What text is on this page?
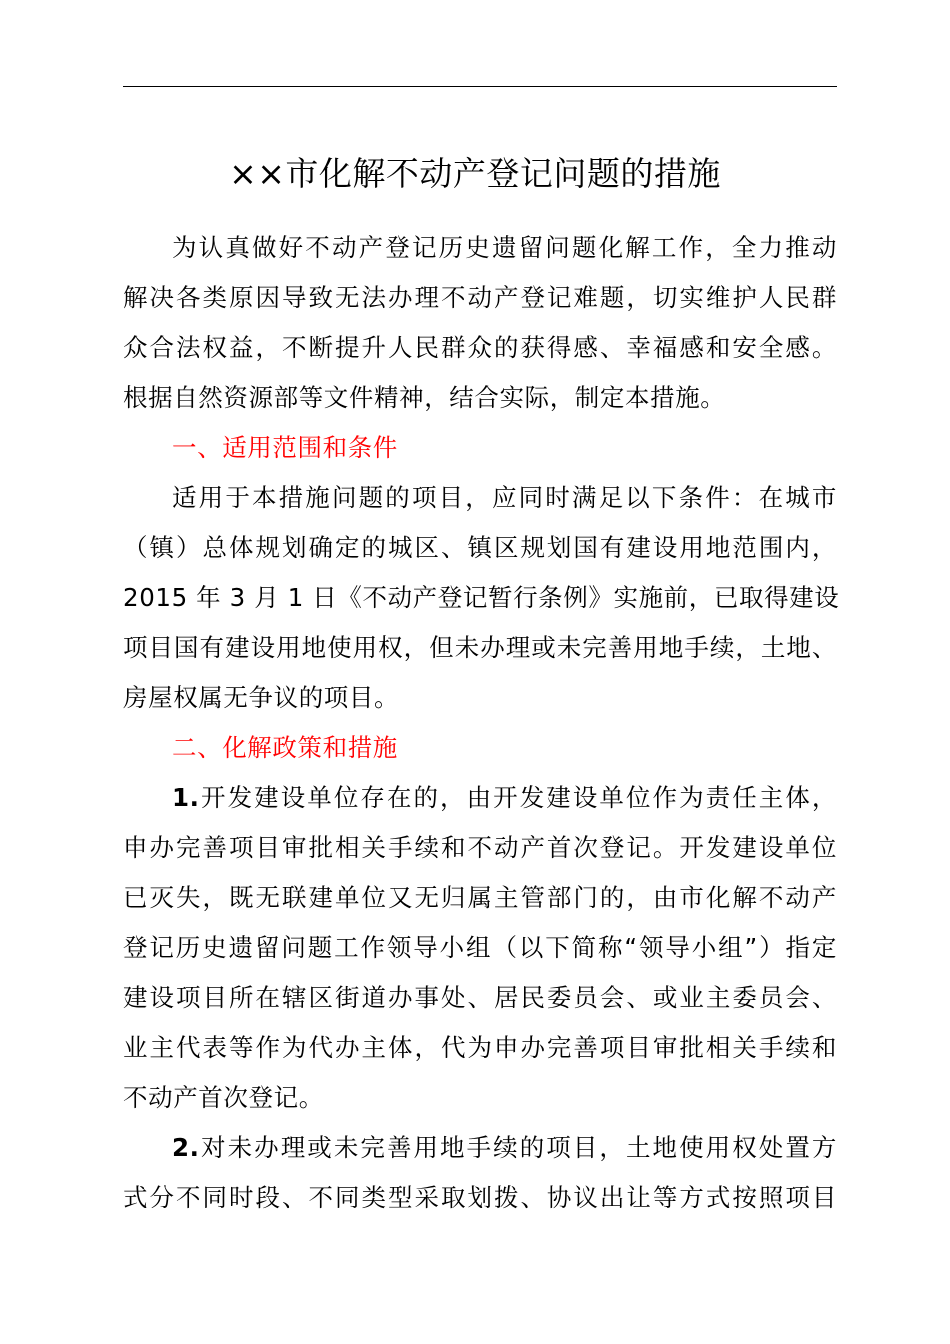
××市化解不动产登记问题的措施
为认真做好不动产登记历史遗留问题化解工作，全力推动
解决各类原因导致无法办理不动产登记难题，切实维护人民群
众合法权益，不断提升人民群众的获得感、幸福感和安全感。
根据自然资源部等文件精神，结合实际，制定本措施。
一、适用范围和条件
适用于本措施问题的项目，应同时满足以下条件：在城市
（镇）总体规划确定的城区、镇区规划国有建设用地范围内，
2015 年 3 月 1 日《不动产登记暂行条例》实施前，已取得建设
项目国有建设用地使用权，但未办理或未完善用地手续，土地、
房屋权属无争议的项目。
二、化解政策和措施
1.开发建设单位存在的，由开发建设单位作为责任主体，
申办完善项目审批相关手续和不动产首次登记。开发建设单位
已灭失，既无联建单位又无归属主管部门的，由市化解不动产
登记历史遗留问题工作领导小组（以下简称“领导小组”）指定
建设项目所在辖区街道办事处、居民委员会、或业主委员会、
业主代表等作为代办主体，代为申办完善项目审批相关手续和
不动产首次登记。
2.对未办理或未完善用地手续的项目，土地使用权处置方
式分不同时段、不同类型采取划拨、协议出让等方式按照项目
